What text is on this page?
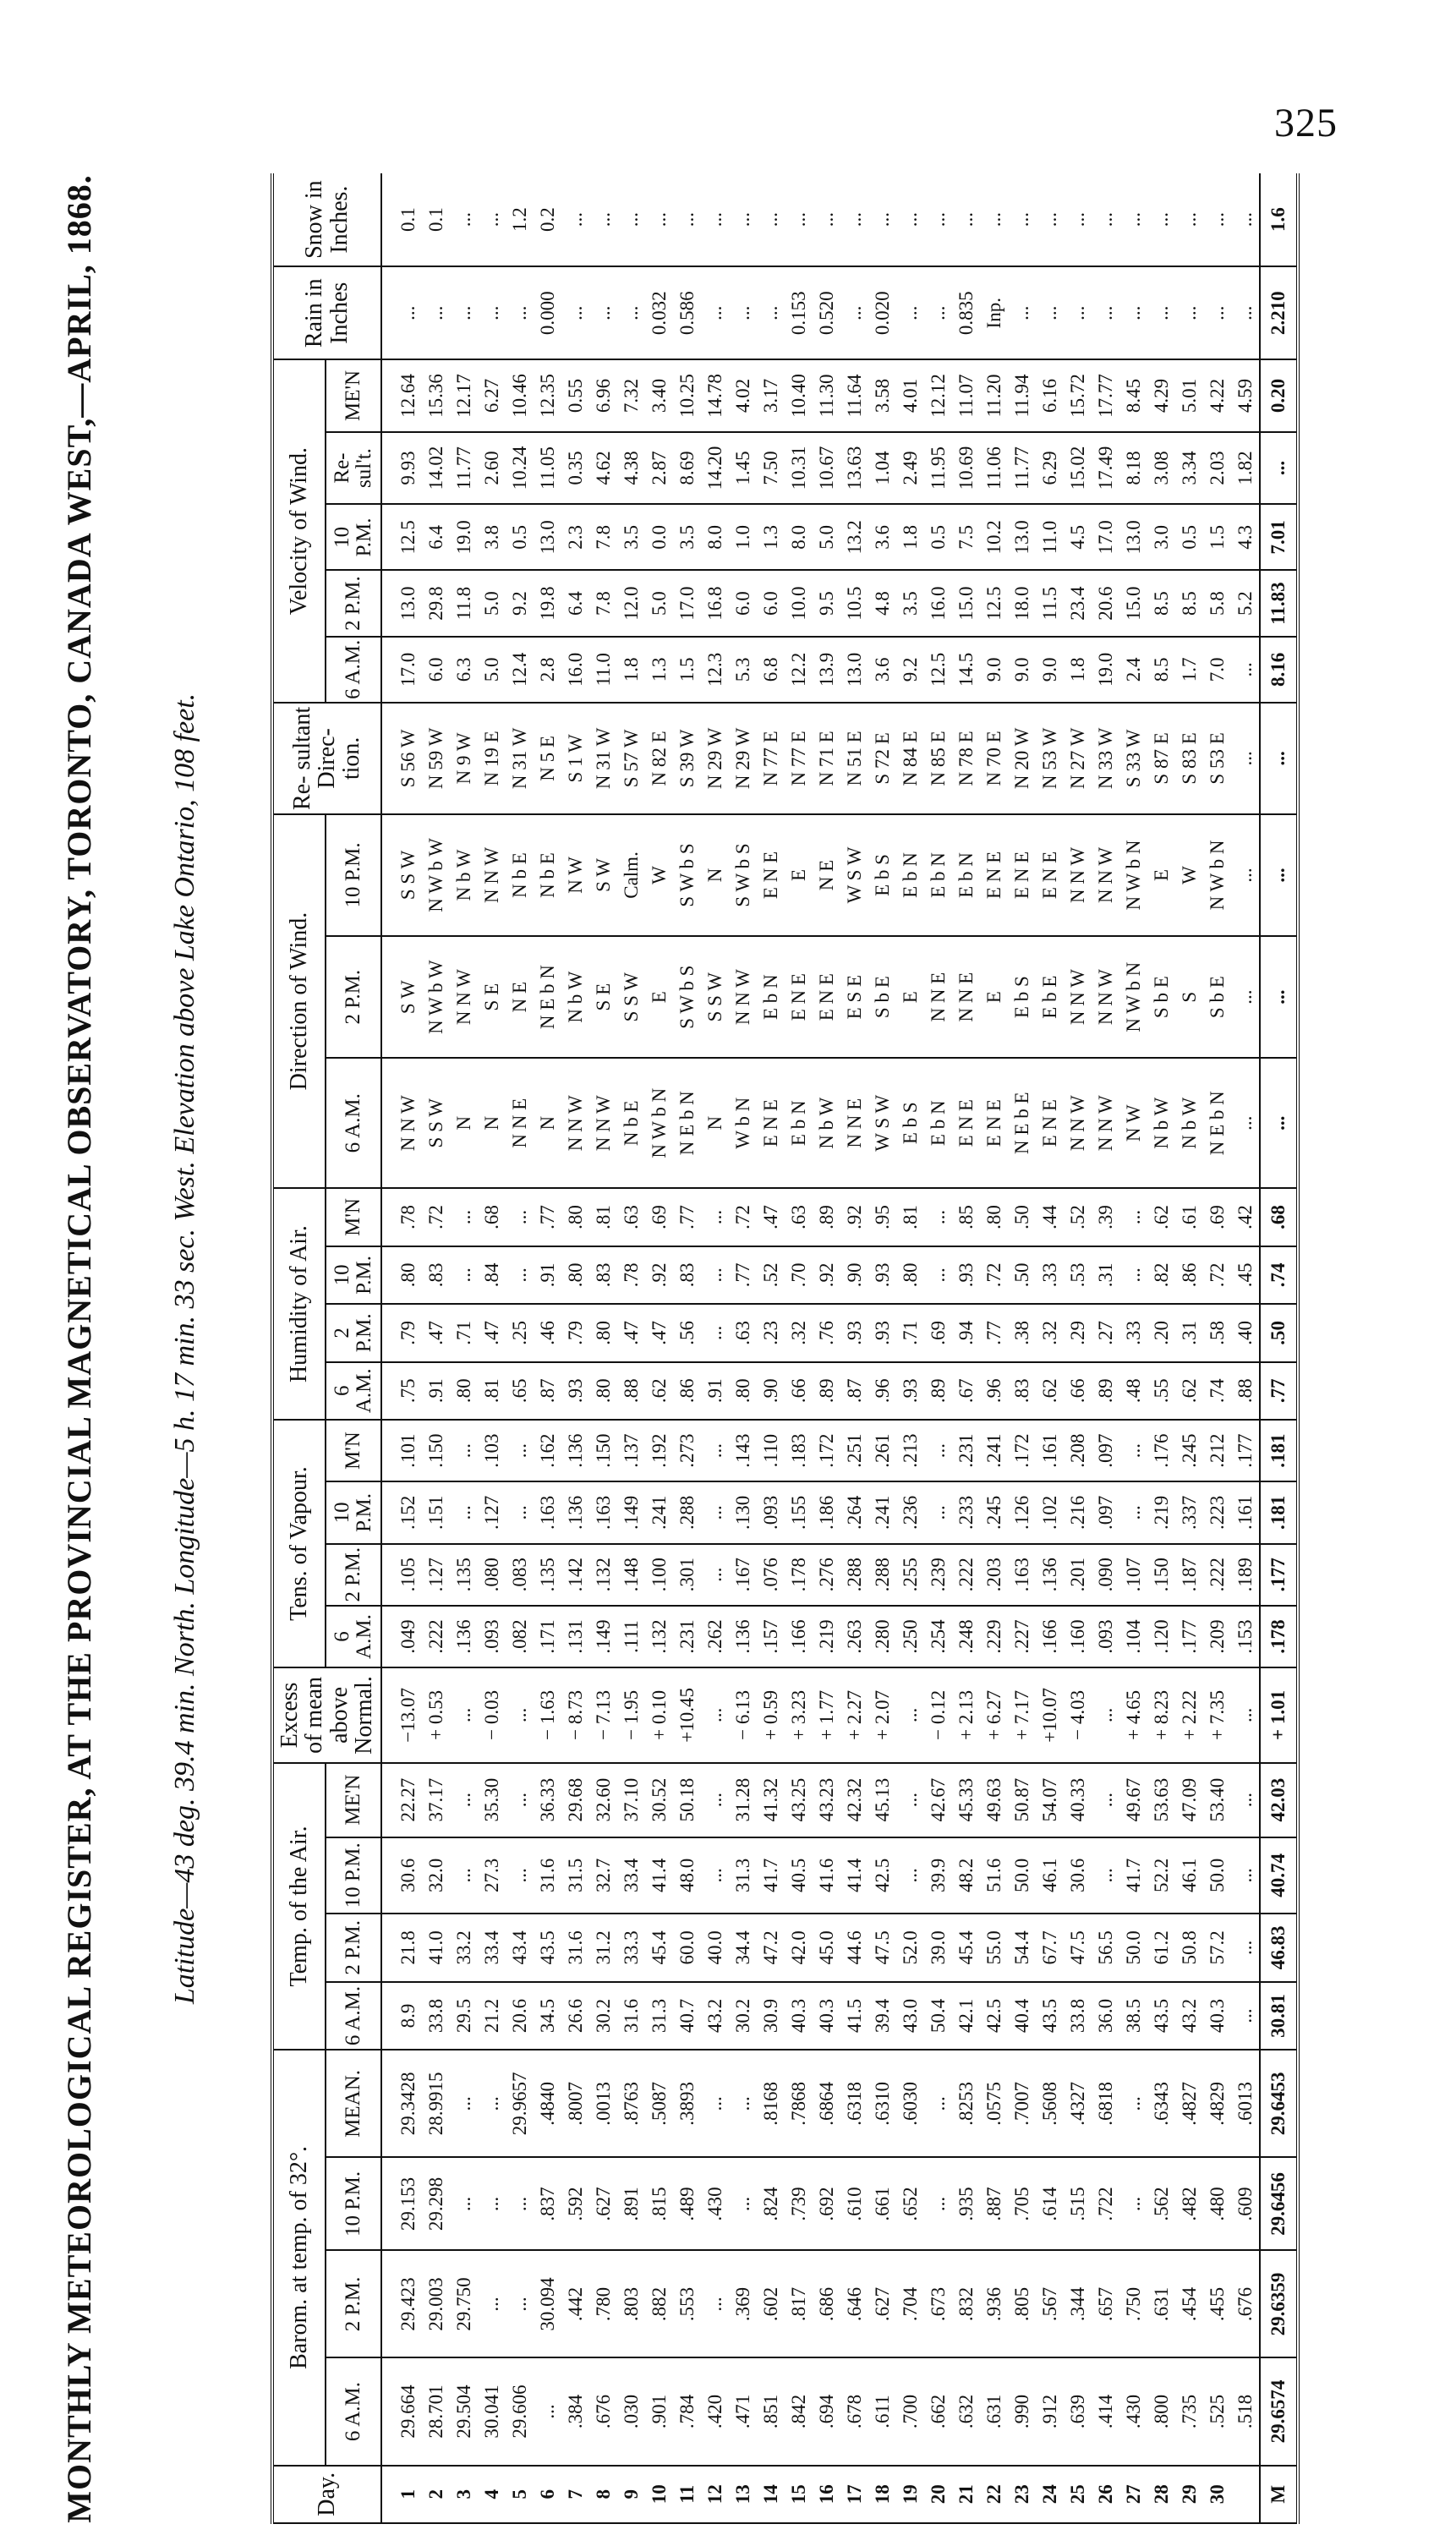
325
MONTHLY METEOROLOGICAL REGISTER, AT THE PROVINCIAL MAGNETICAL OBSERVATORY, TORONTO, CANADA WEST,—APRIL, 1868. Latitude—43 deg. 39.4 min. North. Longitude—5 h. 17 min. 33 sec. West. Elevation above Lake Ontario, 108 feet.
Day.	Barom. at temp. of 32°.				Temp. of the Air.				Excess of mean above Normal.	Tens. of Vapour.				Humidity of Air.				Direction of Wind.			Re- sultant Direc- tion.	Velocity of Wind.					Rain in Inches	Snow in Inches.
	6 A.M.	2 P.M.	10 P.M.	MEAN.	6 A.M.	2 P.M.	10 P.M.	ME'N		6 A.M.	2 P.M.	10 P.M.	M'N	6 A.M.	2 P.M.	10 P.M.	M'N	6 A.M.	2 P.M.	10 P.M.		6 A.M.	2 P.M.	10 P.M.	Re- sul't.	ME'N		

1	29.664	29.423	29.153	29.3428	8.9	21.8	30.6	22.27	−13.07	.049	.105	.152	.101	.75	.79	.80	.78	N N W	S W	S S W	S 56 W	17.0	13.0	12.5	9.93	12.64	...	0.1
2	28.701	29.003	29.298	28.9915	33.8	41.0	32.0	37.17	+ 0.53	.222	.127	.151	.150	.91	.47	.83	.72	S S W	N W b W	N W b W	N 59 W	6.0	29.8	6.4	14.02	15.36	...	0.1
3	29.504	29.750	...	...	29.5	33.2	...	...	...	.136	.135	...	...	.80	.71	...	...	N	N N W	N b W	N 9 W	6.3	11.8	19.0	11.77	12.17	...	...
4	30.041	...	...	...	21.2	33.4	27.3	35.30	− 0.03	.093	.080	.127	.103	.81	.47	.84	.68	N	S E	N N W	N 19 E	5.0	5.0	3.8	2.60	6.27	...	...
5	29.606	...	...	29.9657	20.6	43.4	...	...	...	.082	.083	...	...	.65	.25	...	...	N N E	N E	N b E	N 31 W	12.4	9.2	0.5	10.24	10.46	...	1.2
6	...	30.094	.837	.4840	34.5	43.5	31.6	36.33	− 1.63	.171	.135	.163	.162	.87	.46	.91	.77	N	N E b N	N b E	N 5 E	2.8	19.8	13.0	11.05	12.35	0.000	0.2
7	.384	.442	.592	.8007	26.6	31.6	31.5	29.68	− 8.73	.131	.142	.136	.136	.93	.79	.80	.80	N N W	N b W	N W	S 1 W	16.0	6.4	2.3	0.35	0.55	...	...
8	.676	.780	.627	.0013	30.2	31.2	32.7	32.60	− 7.13	.149	.132	.163	.150	.80	.80	.83	.81	N N W	S E	S W	N 31 W	11.0	7.8	7.8	4.62	6.96	...	...
9	.030	.803	.891	.8763	31.6	33.3	33.4	37.10	− 1.95	.111	.148	.149	.137	.88	.47	.78	.63	N b E	S S W	Calm.	S 57 W	1.8	12.0	3.5	4.38	7.32	...	...
10	.901	.882	.815	.5087	31.3	45.4	41.4	30.52	+ 0.10	.132	.100	.241	.192	.62	.47	.92	.69	N W b N	E	W	N 82 E	1.3	5.0	0.0	2.87	3.40	0.032	...
11	.784	.553	.489	.3893	40.7	60.0	48.0	50.18	+10.45	.231	.301	.288	.273	.86	.56	.83	.77	N E b N	S W b S	S W b S	S 39 W	1.5	17.0	3.5	8.69	10.25	0.586	...
12	.420	...	.430	...	43.2	40.0	...	...	...	.262	...	...	...	.91	...	...	...	N	S S W	N	N 29 W	12.3	16.8	8.0	14.20	14.78	...	...
13	.471	.369	...	...	30.2	34.4	31.3	31.28	− 6.13	.136	.167	.130	.143	.80	.63	.77	.72	W b N	N N W	S W b S	N 29 W	5.3	6.0	1.0	1.45	4.02	...	...
14	.851	.602	.824	.8168	30.9	47.2	41.7	41.32	+ 0.59	.157	.076	.093	.110	.90	.23	.52	.47	E N E	E b N	E N E	N 77 E	6.8	6.0	1.3	7.50	3.17	...	...
15	.842	.817	.739	.7868	40.3	42.0	40.5	43.25	+ 3.23	.166	.178	.155	.183	.66	.32	.70	.63	E b N	E N E	E	N 77 E	12.2	10.0	8.0	10.31	10.40	0.153	...
16	.694	.686	.692	.6864	40.3	45.0	41.6	43.23	+ 1.77	.219	.276	.186	.172	.89	.76	.92	.89	N b W	E N E	N E	N 71 E	13.9	9.5	5.0	10.67	11.30	0.520	...
17	.678	.646	.610	.6318	41.5	44.6	41.4	42.32	+ 2.27	.263	.288	.264	.251	.87	.93	.90	.92	N N E	E S E	W S W	N 51 E	13.0	10.5	13.2	13.63	11.64	...	...
18	.611	.627	.661	.6310	39.4	47.5	42.5	45.13	+ 2.07	.280	.288	.241	.261	.96	.93	.93	.95	W S W	S b E	E b S	S 72 E	3.6	4.8	3.6	1.04	3.58	0.020	...
19	.700	.704	.652	.6030	43.0	52.0	...	...	...	.250	.255	.236	.213	.93	.71	.80	.81	E b S	E	E b N	N 84 E	9.2	3.5	1.8	2.49	4.01	...	...
20	.662	.673	...	...	50.4	39.0	39.9	42.67	− 0.12	.254	.239	...	...	.89	.69	...	...	E b N	N N E	E b N	N 85 E	12.5	16.0	0.5	11.95	12.12	...	...
21	.632	.832	.935	.8253	42.1	45.4	48.2	45.33	+ 2.13	.248	.222	.233	.231	.67	.94	.93	.85	E N E	N N E	E b N	N 78 E	14.5	15.0	7.5	10.69	11.07	0.835	...
22	.631	.936	.887	.0575	42.5	55.0	51.6	49.63	+ 6.27	.229	.203	.245	.241	.96	.77	.72	.80	E N E	E	E N E	N 70 E	9.0	12.5	10.2	11.06	11.20	Inp.	...
23	.990	.805	.705	.7007	40.4	54.4	50.0	50.87	+ 7.17	.227	.163	.126	.172	.83	.38	.50	.50	N E b E	E b S	E N E	N 20 W	9.0	18.0	13.0	11.77	11.94	...	...
24	.912	.567	.614	.5608	43.5	67.7	46.1	54.07	+10.07	.166	.136	.102	.161	.62	.32	.33	.44	E N E	E b E	E N E	N 53 W	9.0	11.5	11.0	6.29	6.16	...	...
25	.639	.344	.515	.4327	33.8	47.5	30.6	40.33	− 4.03	.160	.201	.216	.208	.66	.29	.53	.52	N N W	N N W	N N W	N 27 W	1.8	23.4	4.5	15.02	15.72	...	...
26	.414	.657	.722	.6818	36.0	56.5	...	...	...	.093	.090	.097	.097	.89	.27	.31	.39	N N W	N N W	N N W	N 33 W	19.0	20.6	17.0	17.49	17.77	...	...
27	.430	.750	...	...	38.5	50.0	41.7	49.67	+ 4.65	.104	.107	...	...	.48	.33	...	...	N W	N W b N	N W b N	S 33 W	2.4	15.0	13.0	8.18	8.45	...	...
28	.800	.631	.562	.6343	43.5	61.2	52.2	53.63	+ 8.23	.120	.150	.219	.176	.55	.20	.82	.62	N b W	S b E	E	S 87 E	8.5	8.5	3.0	3.08	4.29	...	...
29	.735	.454	.482	.4827	43.2	50.8	46.1	47.09	+ 2.22	.177	.187	.337	.245	.62	.31	.86	.61	N b W	S	W	S 83 E	1.7	8.5	0.5	3.34	5.01	...	...
30	.525	.455	.480	.4829	40.3	57.2	50.0	53.40	+ 7.35	.209	.222	.223	.212	.74	.58	.72	.69	N E b N	S b E	N W b N	S 53 E	7.0	5.8	1.5	2.03	4.22	...	...
	.518	.676	.609	.6013	...	...	...	...	...	.153	.189	.161	.177	.88	.40	.45	.42	...	...	...	...	...	5.2	4.3	1.82	4.59	...	...
M	29.6574	29.6359	29.6456	29.6453	30.81	46.83	40.74	42.03	+ 1.01	.178	.177	.181	.181	.77	.50	.74	.68	...	...	...	...	8.16	11.83	7.01	...	0.20	2.210	1.6
